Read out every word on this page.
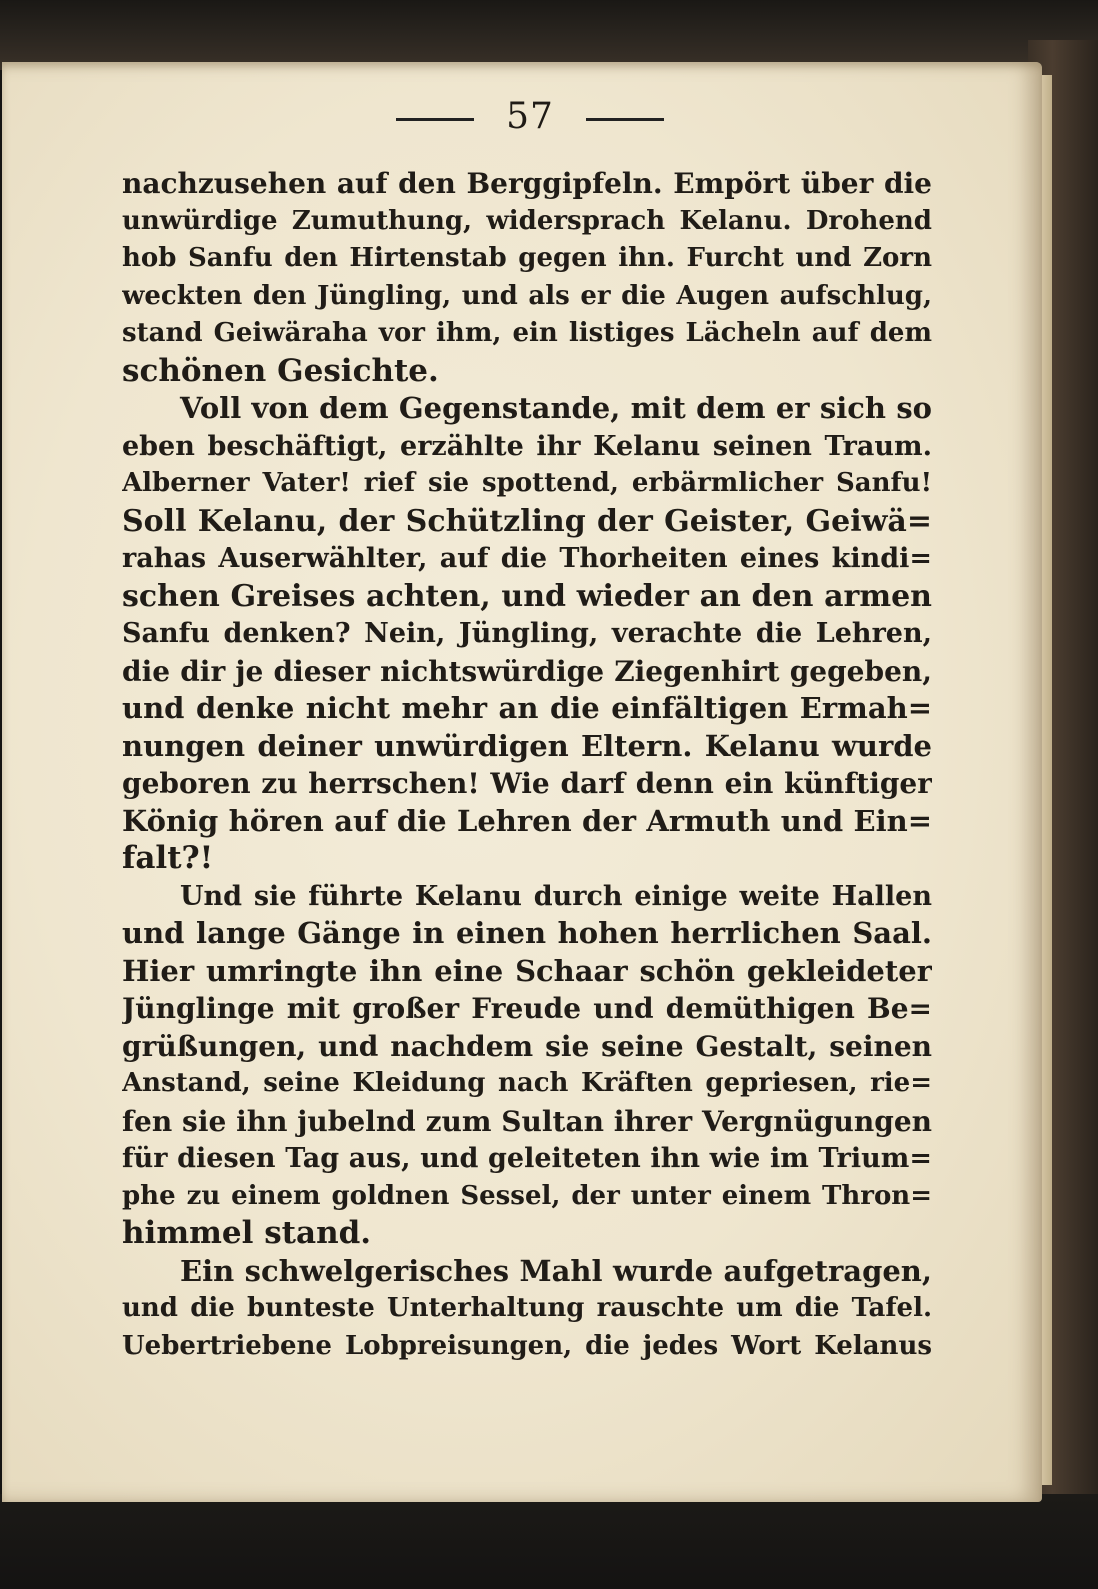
57
nachzusehen auf den Berggipfeln. Empört über die
unwürdige Zumuthung, widersprach Kelanu. Drohend
hob Sanfu den Hirtenstab gegen ihn. Furcht und Zorn
weckten den Jüngling, und als er die Augen aufschlug,
stand Geiwäraha vor ihm, ein listiges Lächeln auf dem
schönen Gesichte.
Voll von dem Gegenstande, mit dem er sich so
eben beschäftigt, erzählte ihr Kelanu seinen Traum.
Alberner Vater! rief sie spottend, erbärmlicher Sanfu!
Soll Kelanu, der Schützling der Geister, Geiwä=
rahas Auserwählter, auf die Thorheiten eines kindi=
schen Greises achten, und wieder an den armen
Sanfu denken? Nein, Jüngling, verachte die Lehren,
die dir je dieser nichtswürdige Ziegenhirt gegeben,
und denke nicht mehr an die einfältigen Ermah=
nungen deiner unwürdigen Eltern. Kelanu wurde
geboren zu herrschen! Wie darf denn ein künftiger
König hören auf die Lehren der Armuth und Ein=
falt?!
Und sie führte Kelanu durch einige weite Hallen
und lange Gänge in einen hohen herrlichen Saal.
Hier umringte ihn eine Schaar schön gekleideter
Jünglinge mit großer Freude und demüthigen Be=
grüßungen, und nachdem sie seine Gestalt, seinen
Anstand, seine Kleidung nach Kräften gepriesen, rie=
fen sie ihn jubelnd zum Sultan ihrer Vergnügungen
für diesen Tag aus, und geleiteten ihn wie im Trium=
phe zu einem goldnen Sessel, der unter einem Thron=
himmel stand.
Ein schwelgerisches Mahl wurde aufgetragen,
und die bunteste Unterhaltung rauschte um die Tafel.
Uebertriebene Lobpreisungen, die jedes Wort Kelanus
